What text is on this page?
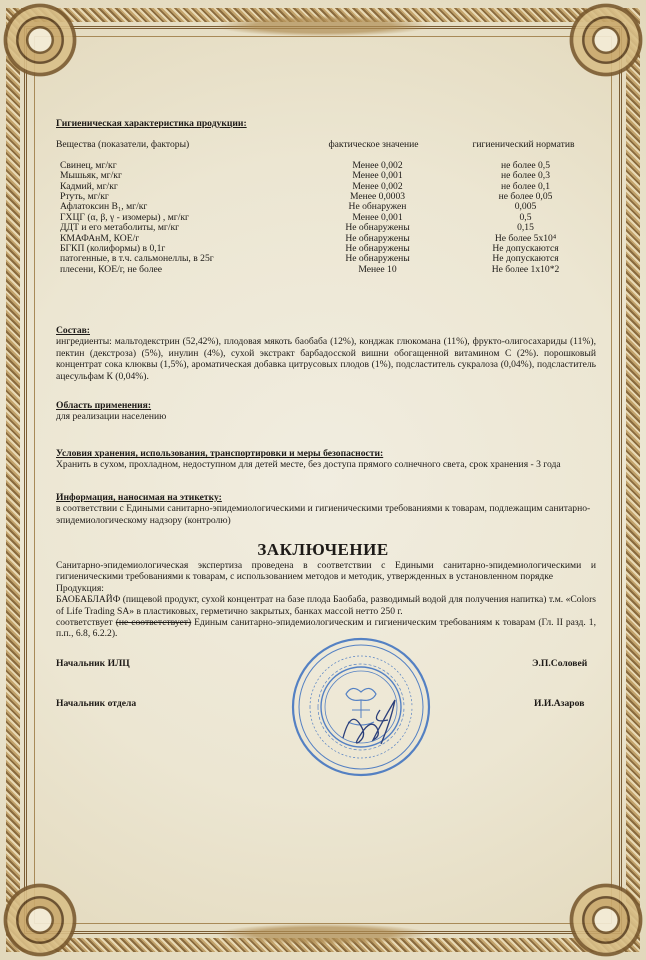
Гигиеническая характеристика продукции:
Вещества (показатели, факторы)	фактическое значение	гигиенический норматив
Свинец, мг/кг	Менее 0,002	не более 0,5
Мышьяк, мг/кг	Менее 0,001	не более 0,3
Кадмий, мг/кг	Менее 0,002	не более 0,1
Ртуть, мг/кг	Менее 0,0003	не более 0,05
Афлатоксин B₁, мг/кг	Не обнаружен	0,005
ГХЦГ (α, β, γ - изомеры) , мг/кг	Менее 0,001	0,5
ДДТ и его метаболиты, мг/кг	Не обнаружены	0,15
КМАФАнМ, КОЕ/г	Не обнаружены	Не более 5x10⁴
БГКП (колиформы) в 0,1г	Не обнаружены	Не допускаются
патогенные, в т.ч. сальмонеллы, в 25г	Не обнаружены	Не допускаются
плесени, КОЕ/г, не более	Менее 10	Не более 1x10*2
Состав:
ингредиенты: мальтодекстрин (52,42%), плодовая мякоть баобаба (12%), конджак глюкомана (11%), фрукто-олигосахариды (11%), пектин (декстроза) (5%), инулин (4%), сухой экстракт барбадосской вишни обогащенной витамином С (2%). порошковый концентрат сока клюквы (1,5%), ароматическая добавка цитрусовых плодов (1%), подсластитель сукралоза (0,04%), подсластитель ацесульфам К (0,04%).
Область применения:
для реализации населению
Условия хранения, использования, транспортировки и меры безопасности:
Хранить в сухом, прохладном, недоступном для детей месте, без доступа прямого солнечного света, срок хранения - 3 года
Информация, наносимая на этикетку:
в соответствии с Едиными санитарно-эпидемиологическими и гигиеническими требованиями к товарам, подлежащим санитарно-эпидемиологическому надзору (контролю)
ЗАКЛЮЧЕНИЕ
Санитарно-эпидемиологическая экспертиза проведена в соответствии с Едиными санитарно-эпидемиологическими и гигиеническими требованиями к товарам, с использованием методов и методик, утвержденных в установленном порядке
Продукция:
БАОБАБЛАЙФ (пищевой продукт, сухой концентрат на базе плода Баобаба, разводимый водой для получения напитка) т.м. «Colors of Life Trading SA» в пластиковых, герметично закрытых, банках массой нетто 250 г.
соответствует (не соответствует) Единым санитарно-эпидемиологическим и гигиеническим требованиям к товарам (Гл. II разд. 1, п.п., 6.8, 6.2.2).
Начальник ИЛЦ	Э.П.Соловей
Начальник отдела	И.И.Азаров
